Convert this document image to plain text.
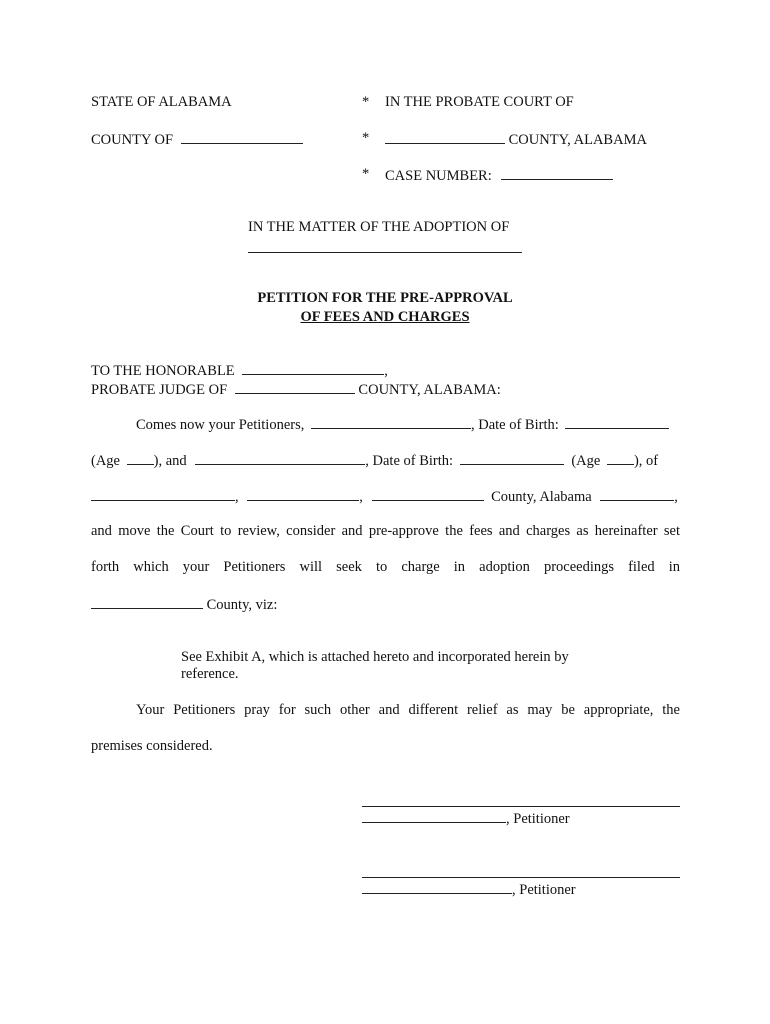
STATE OF ALABAMA	* IN THE PROBATE COURT OF
COUNTY OF	*	COUNTY, ALABAMA
* CASE NUMBER:
IN THE MATTER OF THE ADOPTION OF
PETITION FOR THE PRE-APPROVAL
OF FEES AND CHARGES
TO THE HONORABLE	,
PROBATE JUDGE OF	COUNTY, ALABAMA:
Comes now your Petitioners,	, Date of Birth:
(Age ), and	, Date of Birth:	(Age ), of
,	,	County, Alabama	,
and move the Court to review, consider and pre-approve the fees and charges as hereinafter set
forth which your Petitioners will seek to charge in adoption proceedings filed in
County, viz:
See Exhibit A, which is attached hereto and incorporated herein by
reference.
Your Petitioners pray for such other and different relief as may be appropriate, the
premises considered.
, Petitioner
, Petitioner
